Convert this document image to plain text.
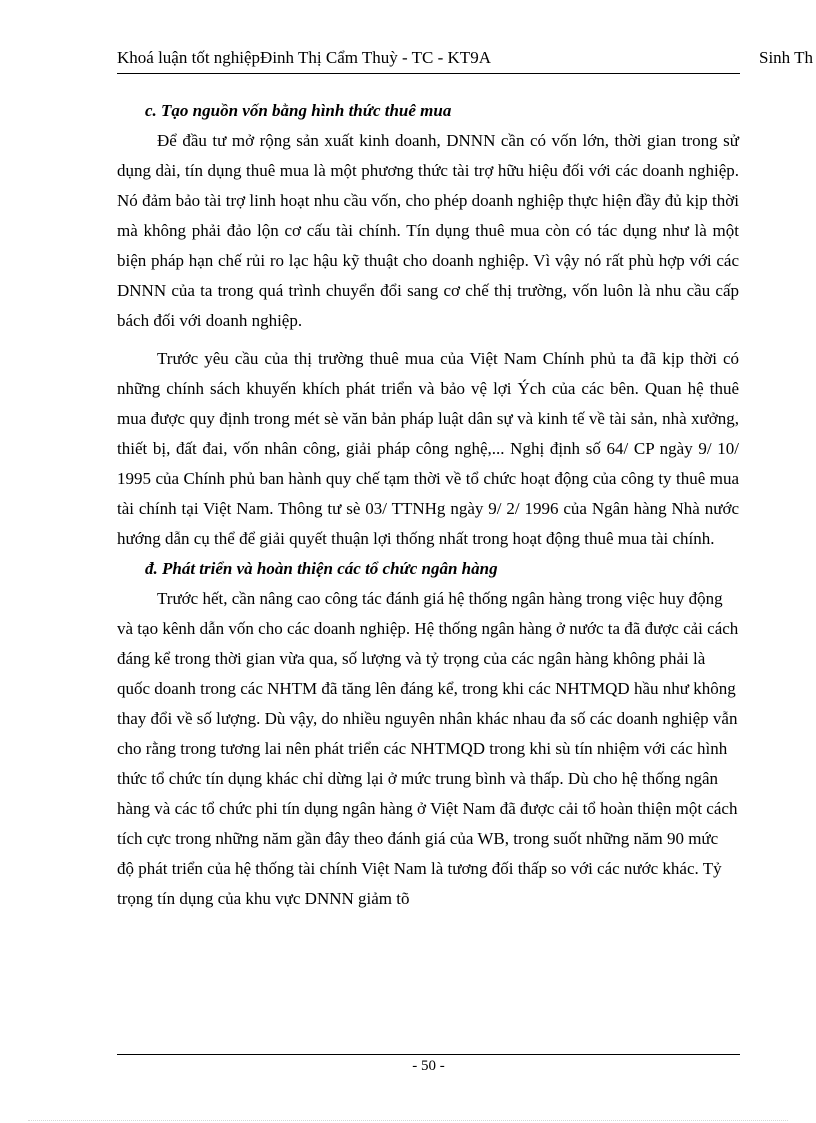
Khoá luận tốt nghiệpĐinh Thị Cẩm Thuỳ - TC - KT9A	Sinh Th
c. Tạo nguồn vốn bằng hình thức thuê mua

Để đầu tư mở rộng sản xuất kinh doanh, DNNN cần có vốn lớn, thời gian trong sử dụng dài, tín dụng thuê mua là một phương thức tài trợ hữu hiệu đối với các doanh nghiệp. Nó đảm bảo tài trợ linh hoạt nhu cầu vốn, cho phép doanh nghiệp thực hiện đầy đủ kịp thời mà không phải đảo lộn cơ cấu tài chính. Tín dụng thuê mua còn có tác dụng như là một biện pháp hạn chế rủi ro lạc hậu kỹ thuật cho doanh nghiệp. Vì vậy nó rất phù hợp với các DNNN của ta trong quá trình chuyển đổi sang cơ chế thị trường, vốn luôn là nhu cầu cấp bách đối với doanh nghiệp.

Trước yêu cầu của thị trường thuê mua của Việt Nam Chính phủ ta đã kịp thời có những chính sách khuyến khích phát triển và bảo vệ lợi Ých của các bên. Quan hệ thuê mua được quy định trong mét sè văn bản pháp luật dân sự và kinh tế về tài sản, nhà xưởng, thiết bị, đất đai, vốn nhân công, giải pháp công nghệ,... Nghị định số 64/ CP ngày 9/ 10/ 1995 của Chính phủ ban hành quy chế tạm thời về tổ chức hoạt động của công ty thuê mua tài chính tại Việt Nam. Thông tư sè 03/ TTNHg ngày 9/ 2/ 1996 của Ngân hàng Nhà nước hướng dẫn cụ thể để giải quyết thuận lợi thống nhất trong hoạt động thuê mua tài chính.

đ. Phát triển và hoàn thiện các tổ chức ngân hàng

Trước hết, cần nâng cao công tác đánh giá hệ thống ngân hàng trong việc huy động và tạo kênh dẫn vốn cho các doanh nghiệp. Hệ thống ngân hàng ở nước ta đã được cải cách đáng kể trong thời gian vừa qua, số lượng và tỷ trọng của các ngân hàng không phải là quốc doanh trong các NHTM đã tăng lên đáng kể, trong khi các NHTMQD hầu như không thay đổi về số lượng. Dù vậy, do nhiều nguyên nhân khác nhau đa số các doanh nghiệp vẫn cho rằng trong tương lai nên phát triển các NHTMQD trong khi sù tín nhiệm với các hình thức tổ chức tín dụng khác chỉ dừng lại ở mức trung bình và thấp. Dù cho hệ thống ngân hàng và các tổ chức phi tín dụng ngân hàng ở Việt Nam đã được cải tổ hoàn thiện một cách tích cực trong những năm gần đây theo đánh giá của WB, trong suốt những năm 90 mức độ phát triển của hệ thống tài chính Việt Nam là tương đối thấp so với các nước khác. Tỷ trọng tín dụng của khu vực DNNN giảm tõ

- 50 -
